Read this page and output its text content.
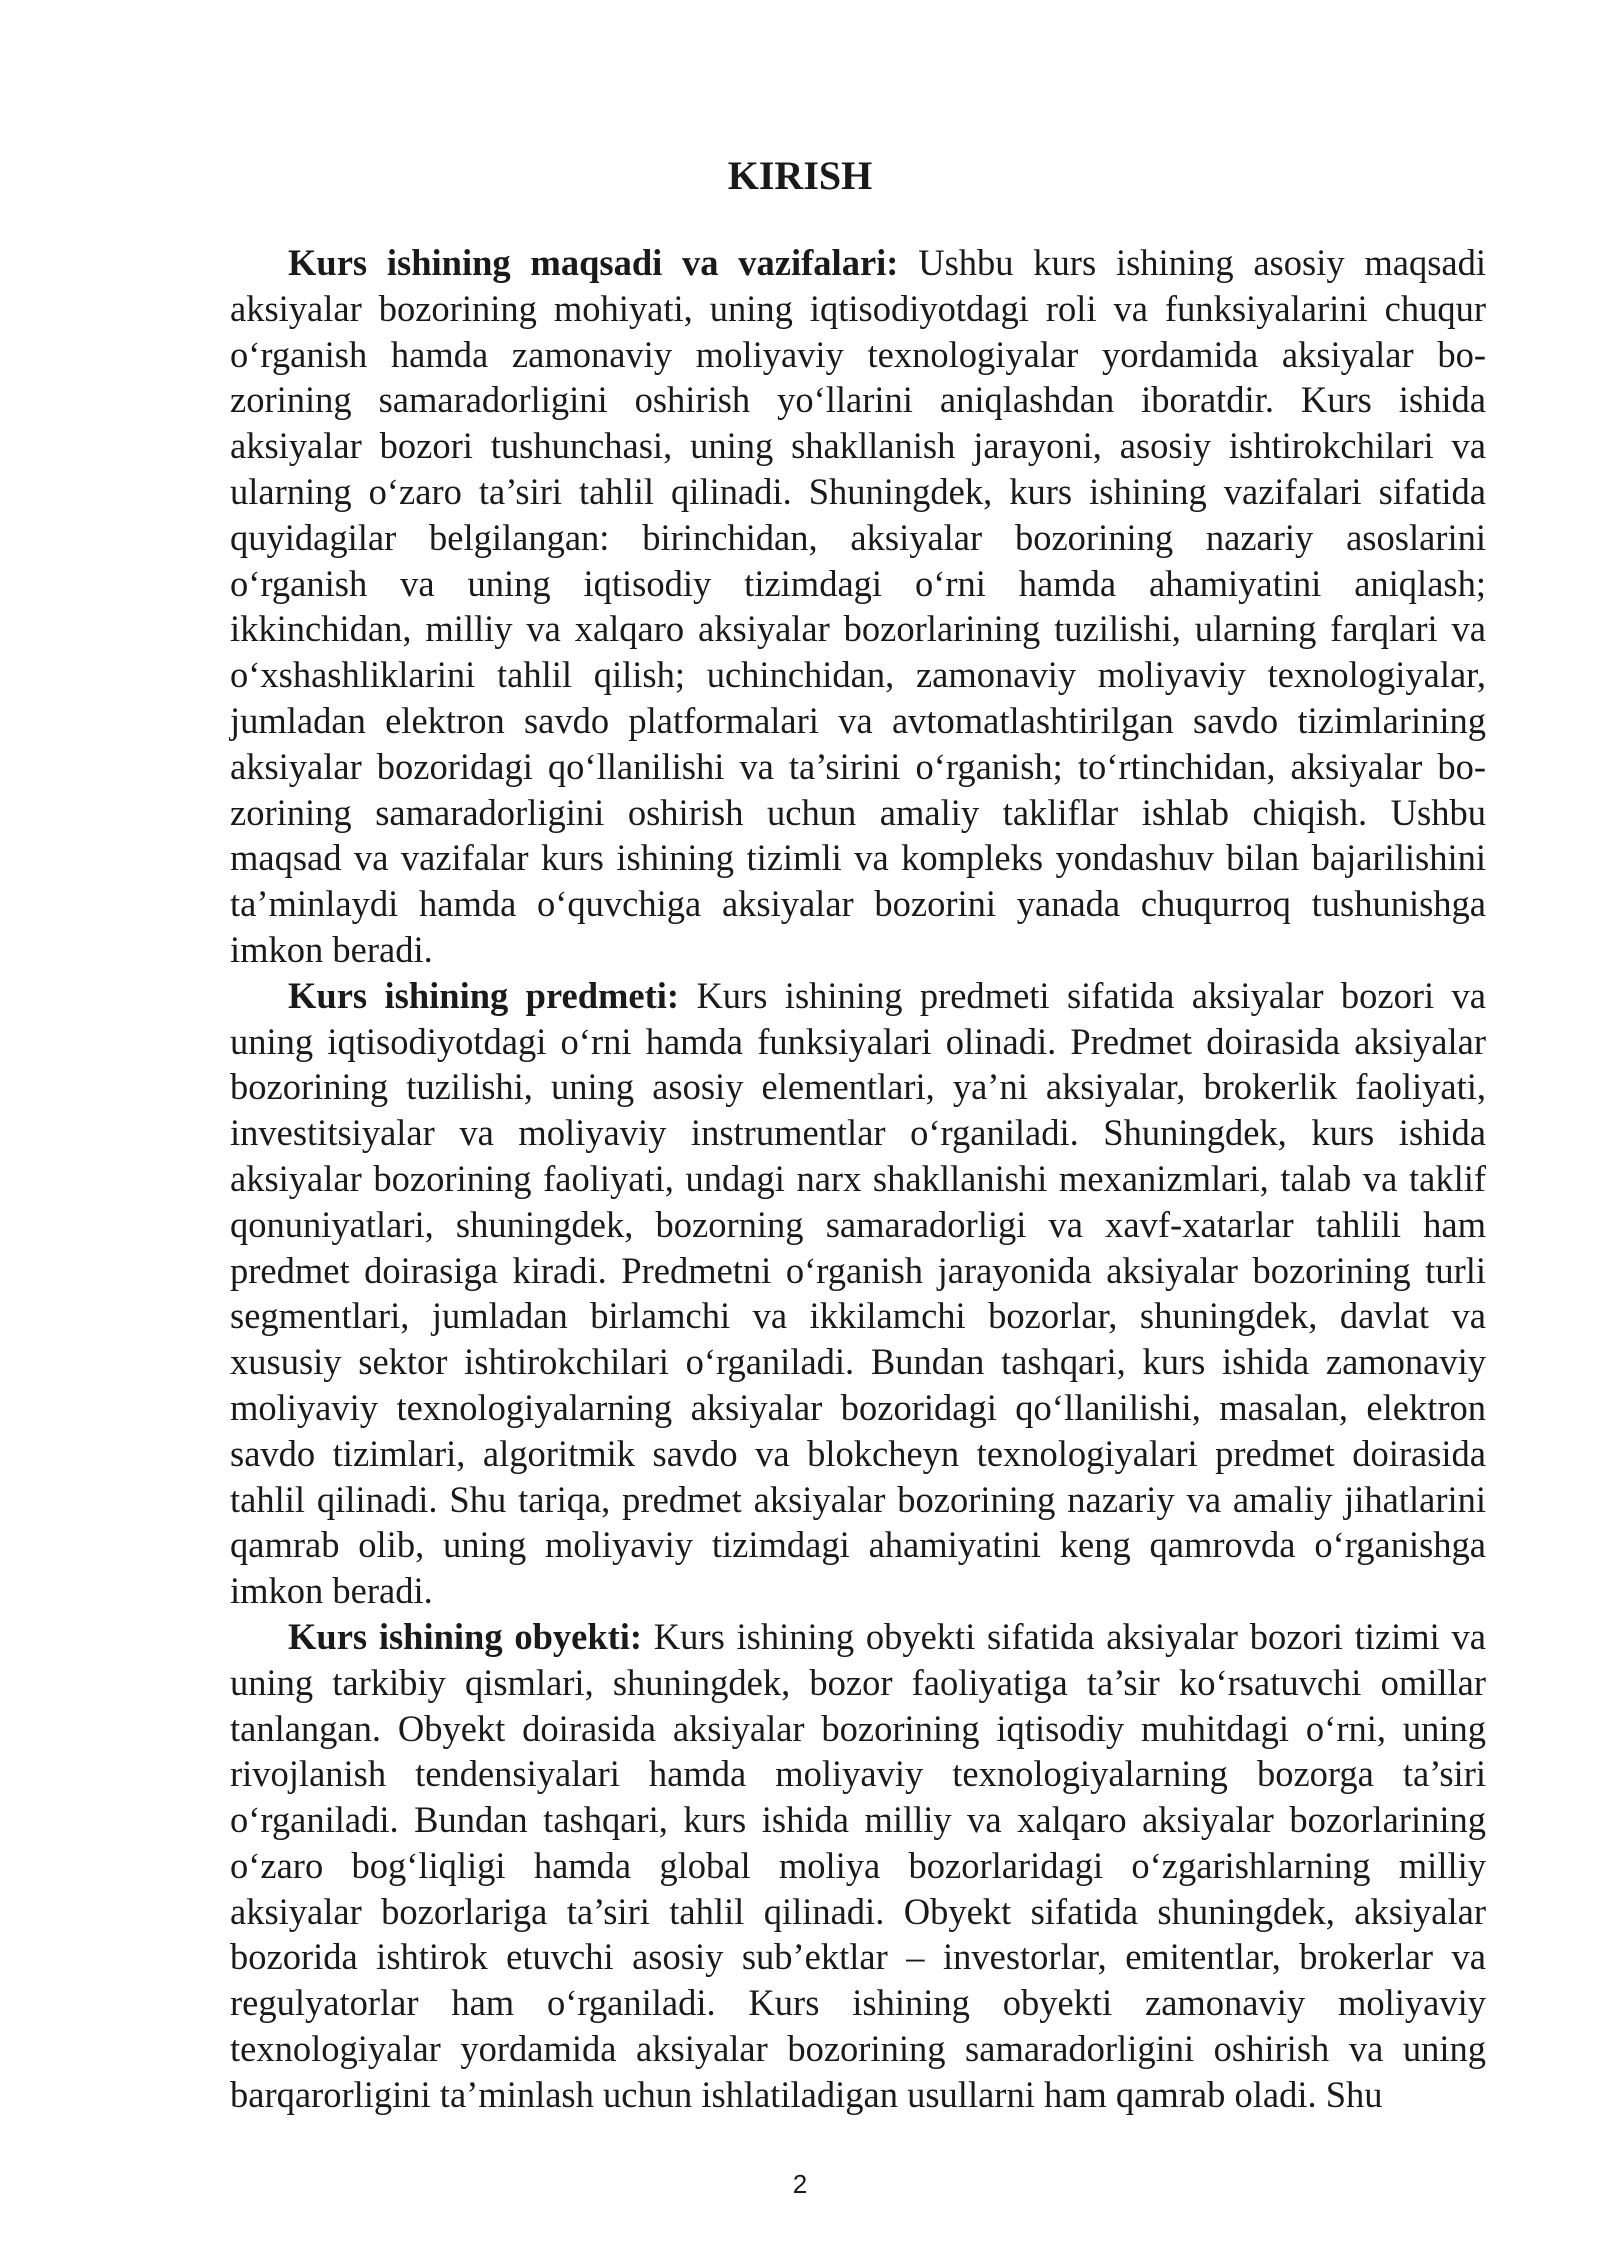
KIRISH

Kurs ishining maqsadi va vazifalari: Ushbu kurs ishining asosiy maqsadi aksiyalar bozorining mohiyati, uning iqtisodiyotdagi roli va funksiyalarini chuqur o‘rganish hamda zamonaviy moliyaviy texnologiyalar yordamida aksiyalar bozorining samaradorligini oshirish yo‘llarini aniqlashdan iboratdir. Kurs ishida aksiyalar bozori tushunchasi, uning shakllanish jarayoni, asosiy ishtirokchilari va ularning o‘zaro ta’siri tahlil qilinadi. Shuningdek, kurs ishining vazifalari sifatida quyidagilar belgilangan: birinchidan, aksiyalar bozorining nazariy asoslarini o‘rganish va uning iqtisodiy tizimdagi o‘rni hamda ahamiyatini aniqlash; ikkinchidan, milliy va xalqaro aksiyalar bozorlarining tuzilishi, ularning farqlari va o‘xshashliklarini tahlil qilish; uchinchidan, zamonaviy moliyaviy texnologiyalar, jumladan elektron savdo platformalari va avtomatlashtirilgan savdo tizimlarining aksiyalar bozoridagi qo‘llanilishi va ta’sirini o‘rganish; to‘rtinchidan, aksiyalar bozorining samaradorligini oshirish uchun amaliy takliflar ishlab chiqish. Ushbu maqsad va vazifalar kurs ishining tizimli va kompleks yondashuv bilan bajarilishini ta’minlaydi hamda o‘quvchiga aksiyalar bozorini yanada chuqurroq tushunishga imkon beradi.

Kurs ishining predmeti: Kurs ishining predmeti sifatida aksiyalar bozori va uning iqtisodiyotdagi o‘rni hamda funksiyalari olinadi. Predmet doirasida aksiyalar bozorining tuzilishi, uning asosiy elementlari, ya’ni aksiyalar, brokerlik faoliyati, investitsiyalar va moliyaviy instrumentlar o‘rganiladi. Shuningdek, kurs ishida aksiyalar bozorining faoliyati, undagi narx shakllanishi mexanizmlari, talab va taklif qonuniyatlari, shuningdek, bozorning samaradorligi va xavf-xatarlar tahlili ham predmet doirasiga kiradi. Predmetni o‘rganish jarayonida aksiyalar bozorining turli segmentlari, jumladan birlamchi va ikkilamchi bozorlar, shuningdek, davlat va xususiy sektor ishtirokchilari o‘rganiladi. Bundan tashqari, kurs ishida zamonaviy moliyaviy texnologiyalarning aksiyalar bozoridagi qo‘llanilishi, masalan, elektron savdo tizimlari, algoritmik savdo va blokcheyn texnologiyalari predmet doirasida tahlil qilinadi. Shu tariqa, predmet aksiyalar bozorining nazariy va amaliy jihatlarini qamrab olib, uning moliyaviy tizimdagi ahamiyatini keng qamrovda o‘rganishga imkon beradi.

Kurs ishining obyekti: Kurs ishining obyekti sifatida aksiyalar bozori tizimi va uning tarkibiy qismlari, shuningdek, bozor faoliyatiga ta’sir ko‘rsatuvchi omillar tanlangan. Obyekt doirasida aksiyalar bozorining iqtisodiy muhitdagi o‘rni, uning rivojlanish tendensiyalari hamda moliyaviy texnologiyalarning bozorga ta’siri o‘rganiladi. Bundan tashqari, kurs ishida milliy va xalqaro aksiyalar bozorlarining o‘zaro bog‘liqligi hamda global moliya bozorlaridagi o‘zgarishlarning milliy aksiyalar bozorlariga ta’siri tahlil qilinadi. Obyekt sifatida shuningdek, aksiyalar bozorida ishtirok etuvchi asosiy sub’ektlar – investorlar, emitentlar, brokerlar va regulyatorlar ham o‘rganiladi. Kurs ishining obyekti zamonaviy moliyaviy texnologiyalar yordamida aksiyalar bozorining samaradorligini oshirish va uning barqarorligini ta’minlash uchun ishlatiladigan usullarni ham qamrab oladi. Shu

2
